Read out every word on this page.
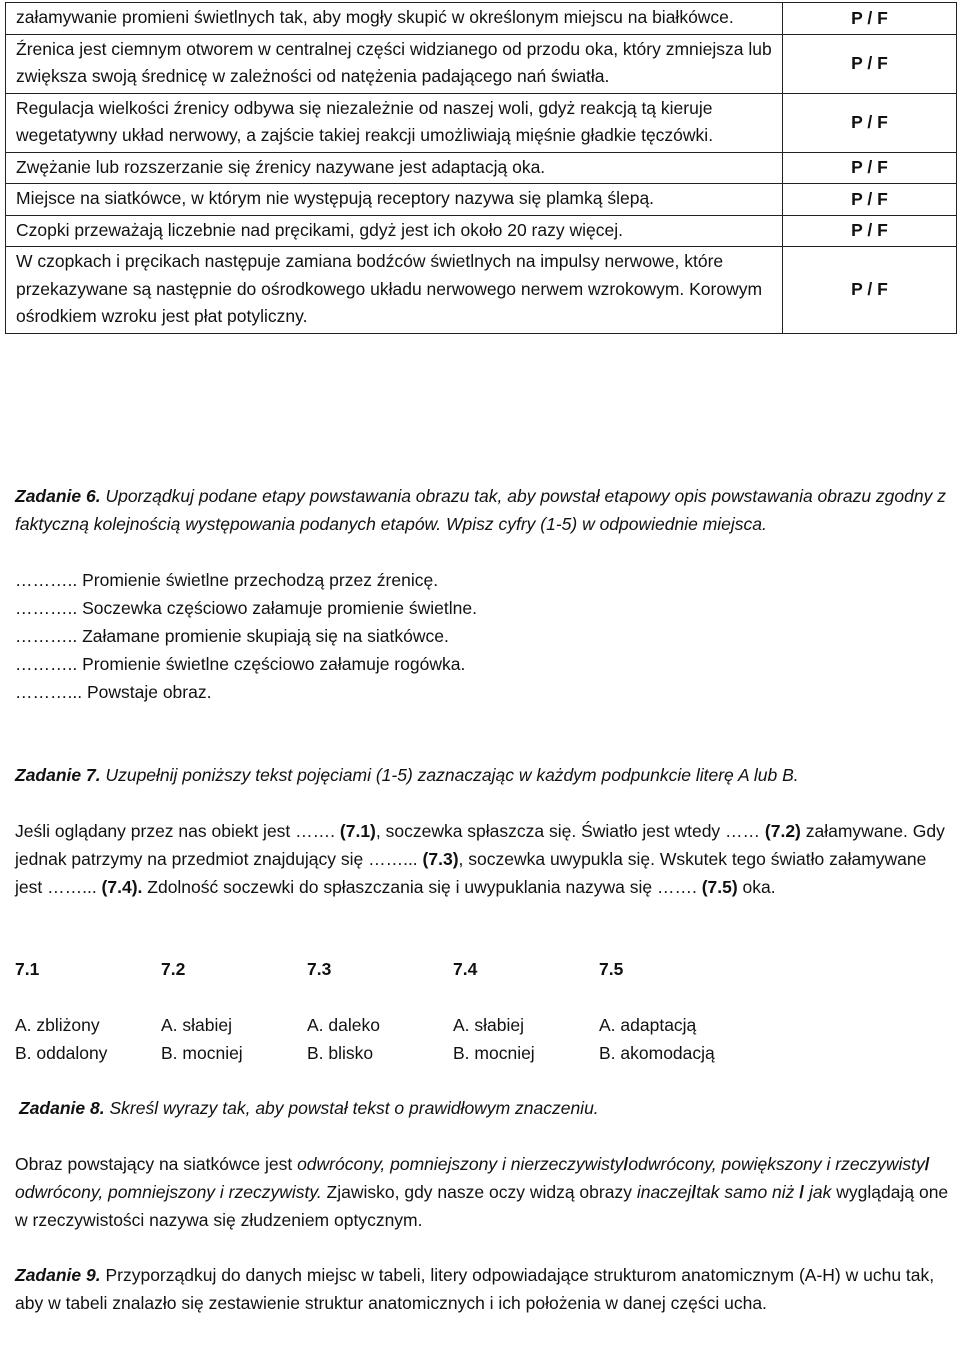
załamywanie promieni świetlnych tak, aby mogły skupić w określonym miejscu na białkówce.	P / F
Źrenica jest ciemnym otworem w centralnej części widzianego od przodu oka, który zmniejsza lub zwiększa swoją średnicę w zależności od natężenia padającego nań światła.	P / F
Regulacja wielkości źrenicy odbywa się niezależnie od naszej woli, gdyż reakcją tą kieruje wegetatywny układ nerwowy, a zajście takiej reakcji umożliwiają mięśnie gładkie tęczówki.	P / F
Zwężanie lub rozszerzanie się źrenicy nazywane jest adaptacją oka.	P / F
Miejsce na siatkówce, w którym nie występują receptory nazywa się plamką ślepą.	P / F
Czopki przeważają liczebnie nad pręcikami, gdyż jest ich około 20 razy więcej.	P / F
W czopkach i pręcikach następuje zamiana bodźców świetlnych na impulsy nerwowe, które przekazywane są następnie do ośrodkowego układu nerwowego nerwem wzrokowym. Korowym ośrodkiem wzroku jest płat potyliczny.	P / F

Zadanie 6. Uporządkuj podane etapy powstawania obrazu tak, aby powstał etapowy opis powstawania obrazu zgodny z faktyczną kolejnością występowania podanych etapów. Wpisz cyfry (1-5) w odpowiednie miejsca.

……….. Promienie świetlne przechodzą przez źrenicę.

……….. Soczewka częściowo załamuje promienie świetlne.

……….. Załamane promienie skupiają się na siatkówce.

……….. Promienie świetlne częściowo załamuje rogówka.

………... Powstaje obraz.

Zadanie 7. Uzupełnij poniższy tekst pojęciami (1-5) zaznaczając w każdym podpunkcie literę A lub B.

Jeśli oglądany przez nas obiekt jest ……. (7.1), soczewka spłaszcza się. Światło jest wtedy …… (7.2) załamywane. Gdy jednak patrzymy na przedmiot znajdujący się ……... (7.3), soczewka uwypukla się. Wskutek tego światło załamywane jest ……... (7.4). Zdolność soczewki do spłaszczania się i uwypuklania nazywa się ……. (7.5) oka.

7.1
A. zbliżony
B. oddalony
7.2
A. słabiej
B. mocniej
7.3
A. daleko
B. blisko
7.4
A. słabiej
B. mocniej
7.5
A. adaptacją
B. akomodacją

Zadanie 8. Skreśl wyrazy tak, aby powstał tekst o prawidłowym znaczeniu.

Obraz powstający na siatkówce jest odwrócony, pomniejszony i nierzeczywisty/odwrócony, powiększony i rzeczywisty/ odwrócony, pomniejszony i rzeczywisty. Zjawisko, gdy nasze oczy widzą obrazy inaczej/tak samo niż / jak wyglądają one w rzeczywistości nazywa się złudzeniem optycznym.

Zadanie 9. Przyporządkuj do danych miejsc w tabeli, litery odpowiadające strukturom anatomicznym (A-H) w uchu tak, aby w tabeli znalazło się zestawienie struktur anatomicznych i ich położenia w danej części ucha.
